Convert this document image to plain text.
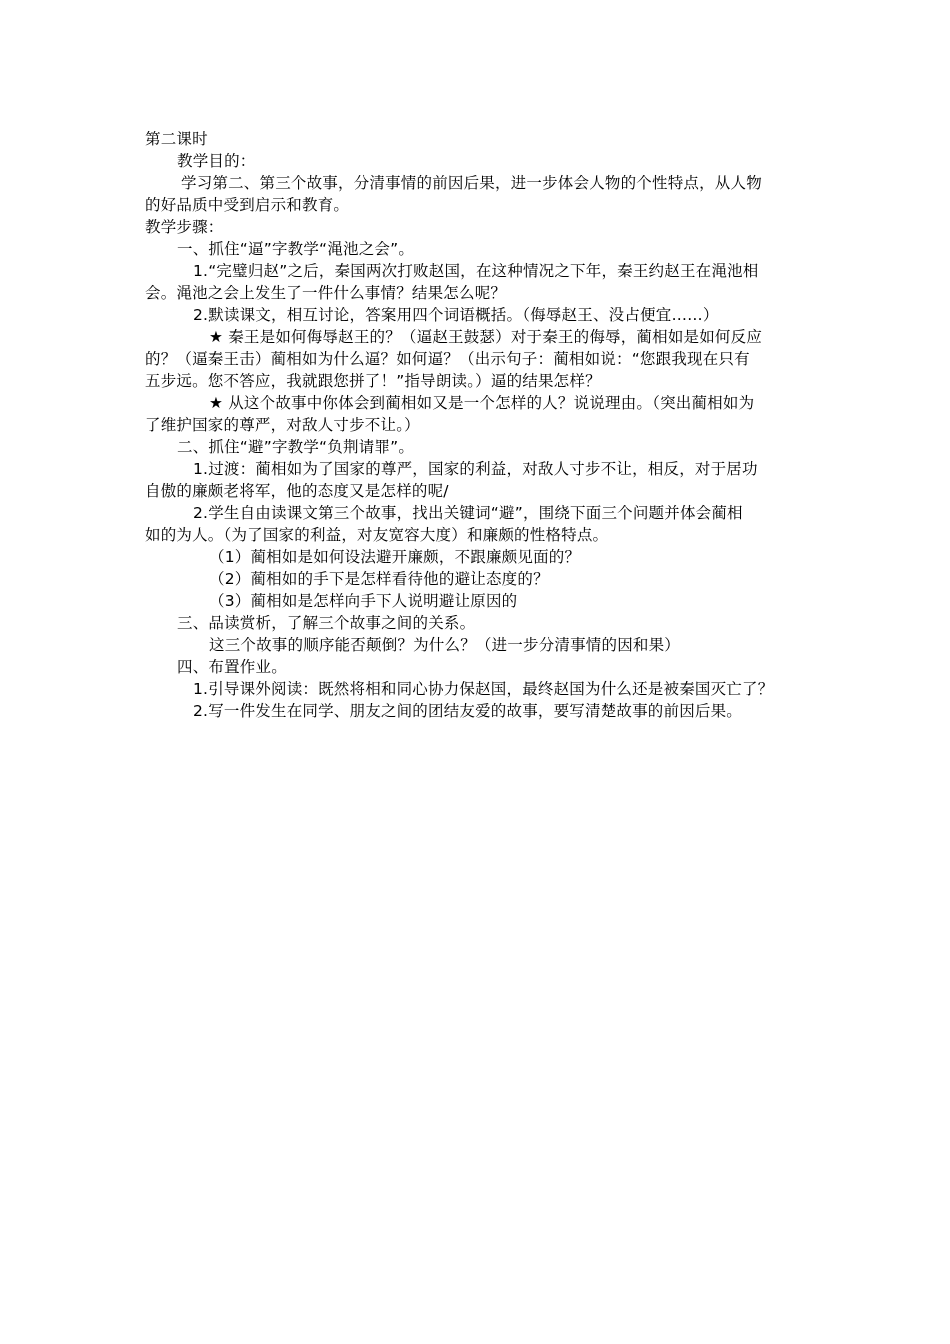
第二课时
教学目的：
学习第二、第三个故事，分清事情的前因后果，进一步体会人物的个性特点，从人物
的好品质中受到启示和教育。
教学步骤：
一、抓住“逼”字教学“渑池之会”。
1.“完璧归赵”之后，秦国两次打败赵国，在这种情况之下年，秦王约赵王在渑池相
会。渑池之会上发生了一件什么事情？结果怎么呢？
2.默读课文，相互讨论，答案用四个词语概括。（侮辱赵王、没占便宜……）
★ 秦王是如何侮辱赵王的？（逼赵王鼓瑟）对于秦王的侮辱，蔺相如是如何反应
的？（逼秦王击）蔺相如为什么逼？如何逼？（出示句子：蔺相如说：“您跟我现在只有
五步远。您不答应，我就跟您拼了！”指导朗读。）逼的结果怎样？
★ 从这个故事中你体会到蔺相如又是一个怎样的人？说说理由。（突出蔺相如为
了维护国家的尊严，对敌人寸步不让。）
二、抓住“避”字教学“负荆请罪”。
1.过渡：蔺相如为了国家的尊严，国家的利益，对敌人寸步不让，相反，对于居功
自傲的廉颇老将军，他的态度又是怎样的呢/
2.学生自由读课文第三个故事，找出关键词“避”，围绕下面三个问题并体会蔺相
如的为人。（为了国家的利益，对友宽容大度）和廉颇的性格特点。
（1）蔺相如是如何设法避开廉颇，不跟廉颇见面的？
（2）蔺相如的手下是怎样看待他的避让态度的？
（3）蔺相如是怎样向手下人说明避让原因的
三、品读赏析，了解三个故事之间的关系。
这三个故事的顺序能否颠倒？为什么？（进一步分清事情的因和果）
四、布置作业。
1.引导课外阅读：既然将相和同心协力保赵国，最终赵国为什么还是被秦国灭亡了？
2.写一件发生在同学、朋友之间的团结友爱的故事，要写清楚故事的前因后果。
